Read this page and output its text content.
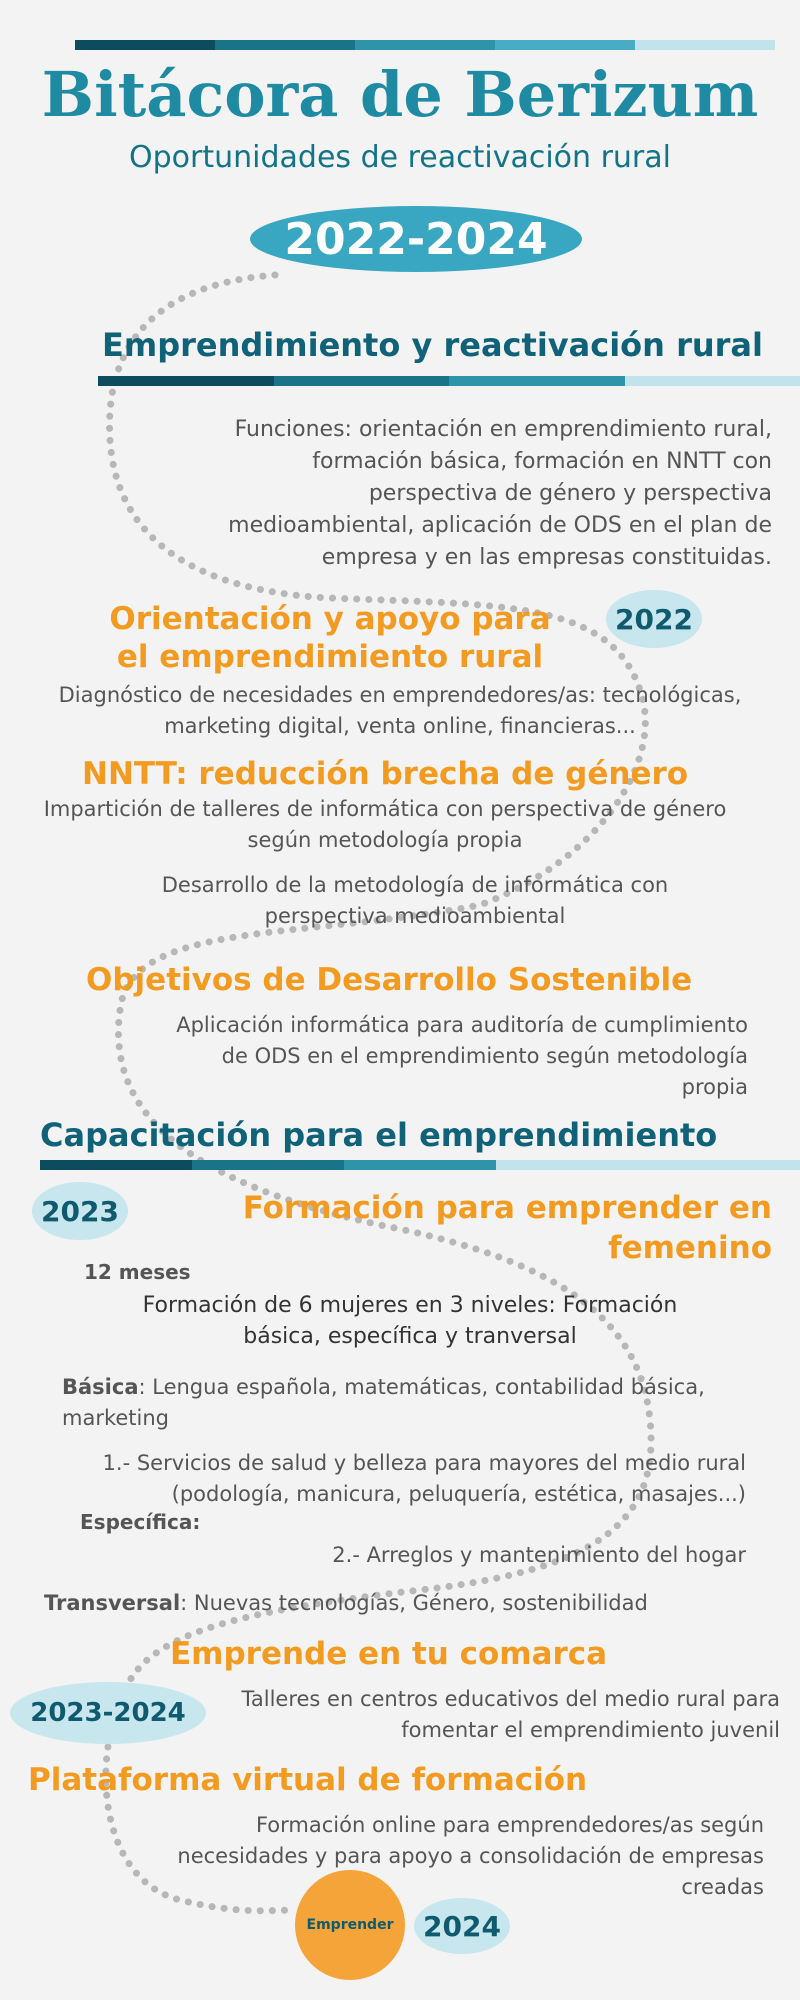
Bitácora de Berizum
Oportunidades de reactivación rural
2022-2024
Emprendimiento y reactivación rural
Funciones: orientación en emprendimiento rural, formación básica, formación en NNTT con perspectiva de género y perspectiva medioambiental, aplicación de ODS en el plan de empresa y en las empresas constituidas.
2022
Orientación y apoyo para el emprendimiento rural
Diagnóstico de necesidades en emprendedores/as: tecnológicas, marketing digital, venta online, financieras...
NNTT: reducción brecha de género
Impartición de talleres de informática con perspectiva de género según metodología propia
Desarrollo de la metodología de informática con perspectiva medioambiental
Objetivos de Desarrollo Sostenible
Aplicación informática para auditoría de cumplimiento de ODS en el emprendimiento según metodología propia
Capacitación para el emprendimiento
2023	Formación para emprender en femenino
12 meses
Formación de 6 mujeres en 3 niveles: Formación básica, específica y tranversal
Básica: Lengua española, matemáticas, contabilidad básica, marketing
1.- Servicios de salud y belleza para mayores del medio rural (podología, manicura, peluquería, estética, masajes...)
Específica:
2.- Arreglos y mantenimiento del hogar
Transversal: Nuevas tecnologías, Género, sostenibilidad
Emprende en tu comarca
2023-2024	Talleres en centros educativos del medio rural para fomentar el emprendimiento juvenil
Plataforma virtual de formación
Formación online para emprendedores/as según necesidades y para apoyo a consolidación de empresas creadas
Emprender	2024
